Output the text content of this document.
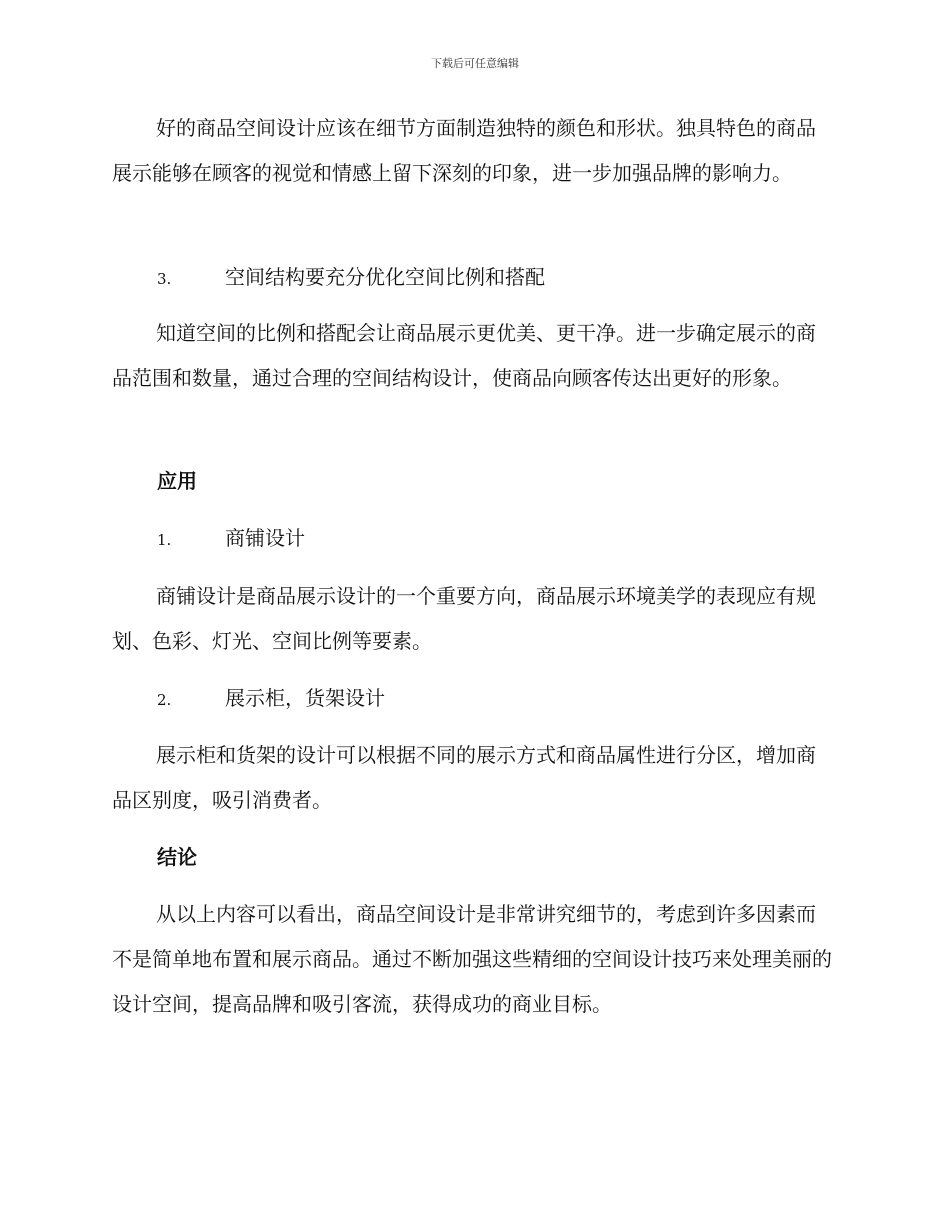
下载后可任意编辑

好的商品空间设计应该在细节方面制造独特的颜色和形状。独具特色的商品展示能够在顾客的视觉和情感上留下深刻的印象，进一步加强品牌的影响力。

3.	空间结构要充分优化空间比例和搭配

知道空间的比例和搭配会让商品展示更优美、更干净。进一步确定展示的商品范围和数量，通过合理的空间结构设计，使商品向顾客传达出更好的形象。

应用
1.	商铺设计

商铺设计是商品展示设计的一个重要方向，商品展示环境美学的表现应有规划、色彩、灯光、空间比例等要素。

2.	展示柜，货架设计

展示柜和货架的设计可以根据不同的展示方式和商品属性进行分区，增加商品区别度，吸引消费者。

结论

从以上内容可以看出，商品空间设计是非常讲究细节的，考虑到许多因素而不是简单地布置和展示商品。通过不断加强这些精细的空间设计技巧来处理美丽的设计空间，提高品牌和吸引客流，获得成功的商业目标。
